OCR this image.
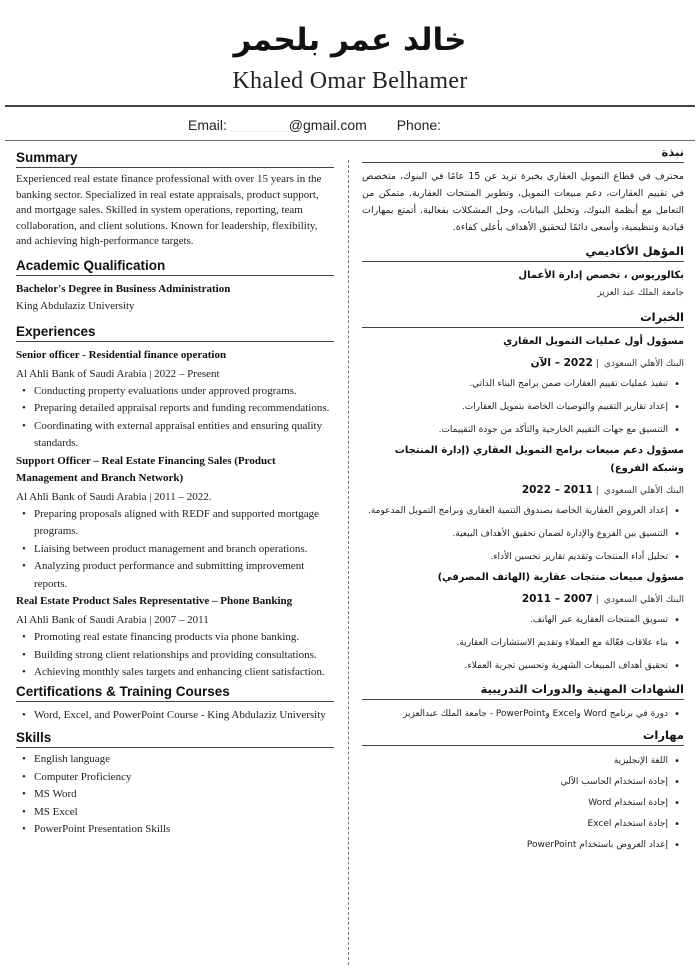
خالد عمر بلحمر
Khaled Omar Belhamer
Email:	@gmail.com Phone:
Summary
Experienced real estate finance professional with over 15 years in the banking sector. Specialized in real estate appraisals, product support, and mortgage sales. Skilled in system operations, reporting, team collaboration, and client solutions. Known for leadership, flexibility, and achieving high-performance targets.
Academic Qualification
Bachelor's Degree in Business Administration
King Abdulaziz University
Experiences
Senior officer - Residential finance operation
Al Ahli Bank of Saudi Arabia | 2022 – Present
• Conducting property evaluations under approved programs.
• Preparing detailed appraisal reports and funding recommendations.
• Coordinating with external appraisal entities and ensuring quality standards.
Support Officer – Real Estate Financing Sales (Product Management and Branch Network)
Al Ahli Bank of Saudi Arabia | 2011 – 2022.
• Preparing proposals aligned with REDF and supported mortgage programs.
• Liaising between product management and branch operations.
• Analyzing product performance and submitting improvement reports.
Real Estate Product Sales Representative – Phone Banking
Al Ahli Bank of Saudi Arabia | 2007 – 2011
• Promoting real estate financing products via phone banking.
• Building strong client relationships and providing consultations.
• Achieving monthly sales targets and enhancing client satisfaction.
Certifications & Training Courses
• Word, Excel, and PowerPoint Course - King Abdulaziz University
Skills
• English language
• Computer Proficiency
• MS Word
• MS Excel
• PowerPoint Presentation Skills
نبذة
محترف في قطاع التمويل العقاري بخبرة تزيد عن 15 عامًا في البنوك، متخصص في تقييم العقارات، دعم مبيعات التمويل، وتطوير المنتجات العقارية. متمكن من التعامل مع أنظمة البنوك، وتحليل البيانات، وحل المشكلات بفعالية. أتمتع بمهارات قيادية وتنظيمية، وأسعى دائمًا لتحقيق الأهداف بأعلى كفاءة.
المؤهل الأكاديمي
بكالوريوس ، تخصص إدارة الأعمال
جامعة الملك عبد العزيز
الخبرات
مسؤول أول عمليات التمويل العقاري
البنك الأهلي السعودي | 2022 – الآن
• تنفيذ عمليات تقييم العقارات ضمن برامج البناء الذاتي.
• إعداد تقارير التقييم والتوصيات الخاصة بتمويل العقارات.
• التنسيق مع جهات التقييم الخارجية والتأكد من جودة التقييمات.
مسؤول دعم مبيعات برامج التمويل العقاري (إدارة المنتجات وشبكة الفروع)
البنك الأهلي السعودي | 2011 – 2022
• إعداد العروض العقارية الخاصة بصندوق التنمية العقاري وبرامج التمويل المدعومة.
• التنسيق بين الفروع والإدارة لضمان تحقيق الأهداف البيعية.
• تحليل أداء المنتجات وتقديم تقارير تحسين الأداء.
مسؤول مبيعات منتجات عقارية (الهاتف المصرفي)
البنك الأهلي السعودي | 2007 – 2011
• تسويق المنتجات العقارية عبر الهاتف.
• بناء علاقات فعّالة مع العملاء وتقديم الاستشارات العقارية.
• تحقيق أهداف المبيعات الشهرية وتحسين تجربة العملاء.
الشهادات المهنية والدورات التدريبية
• دورة في برنامج Word وExcel وPowerPoint - جامعة الملك عبدالعزيز
مهارات
• اللغة الإنجليزية
• إجادة استخدام الحاسب الآلي
• إجادة استخدام Word
• إجادة استخدام Excel
• إعداد العروض باستخدام PowerPoint
